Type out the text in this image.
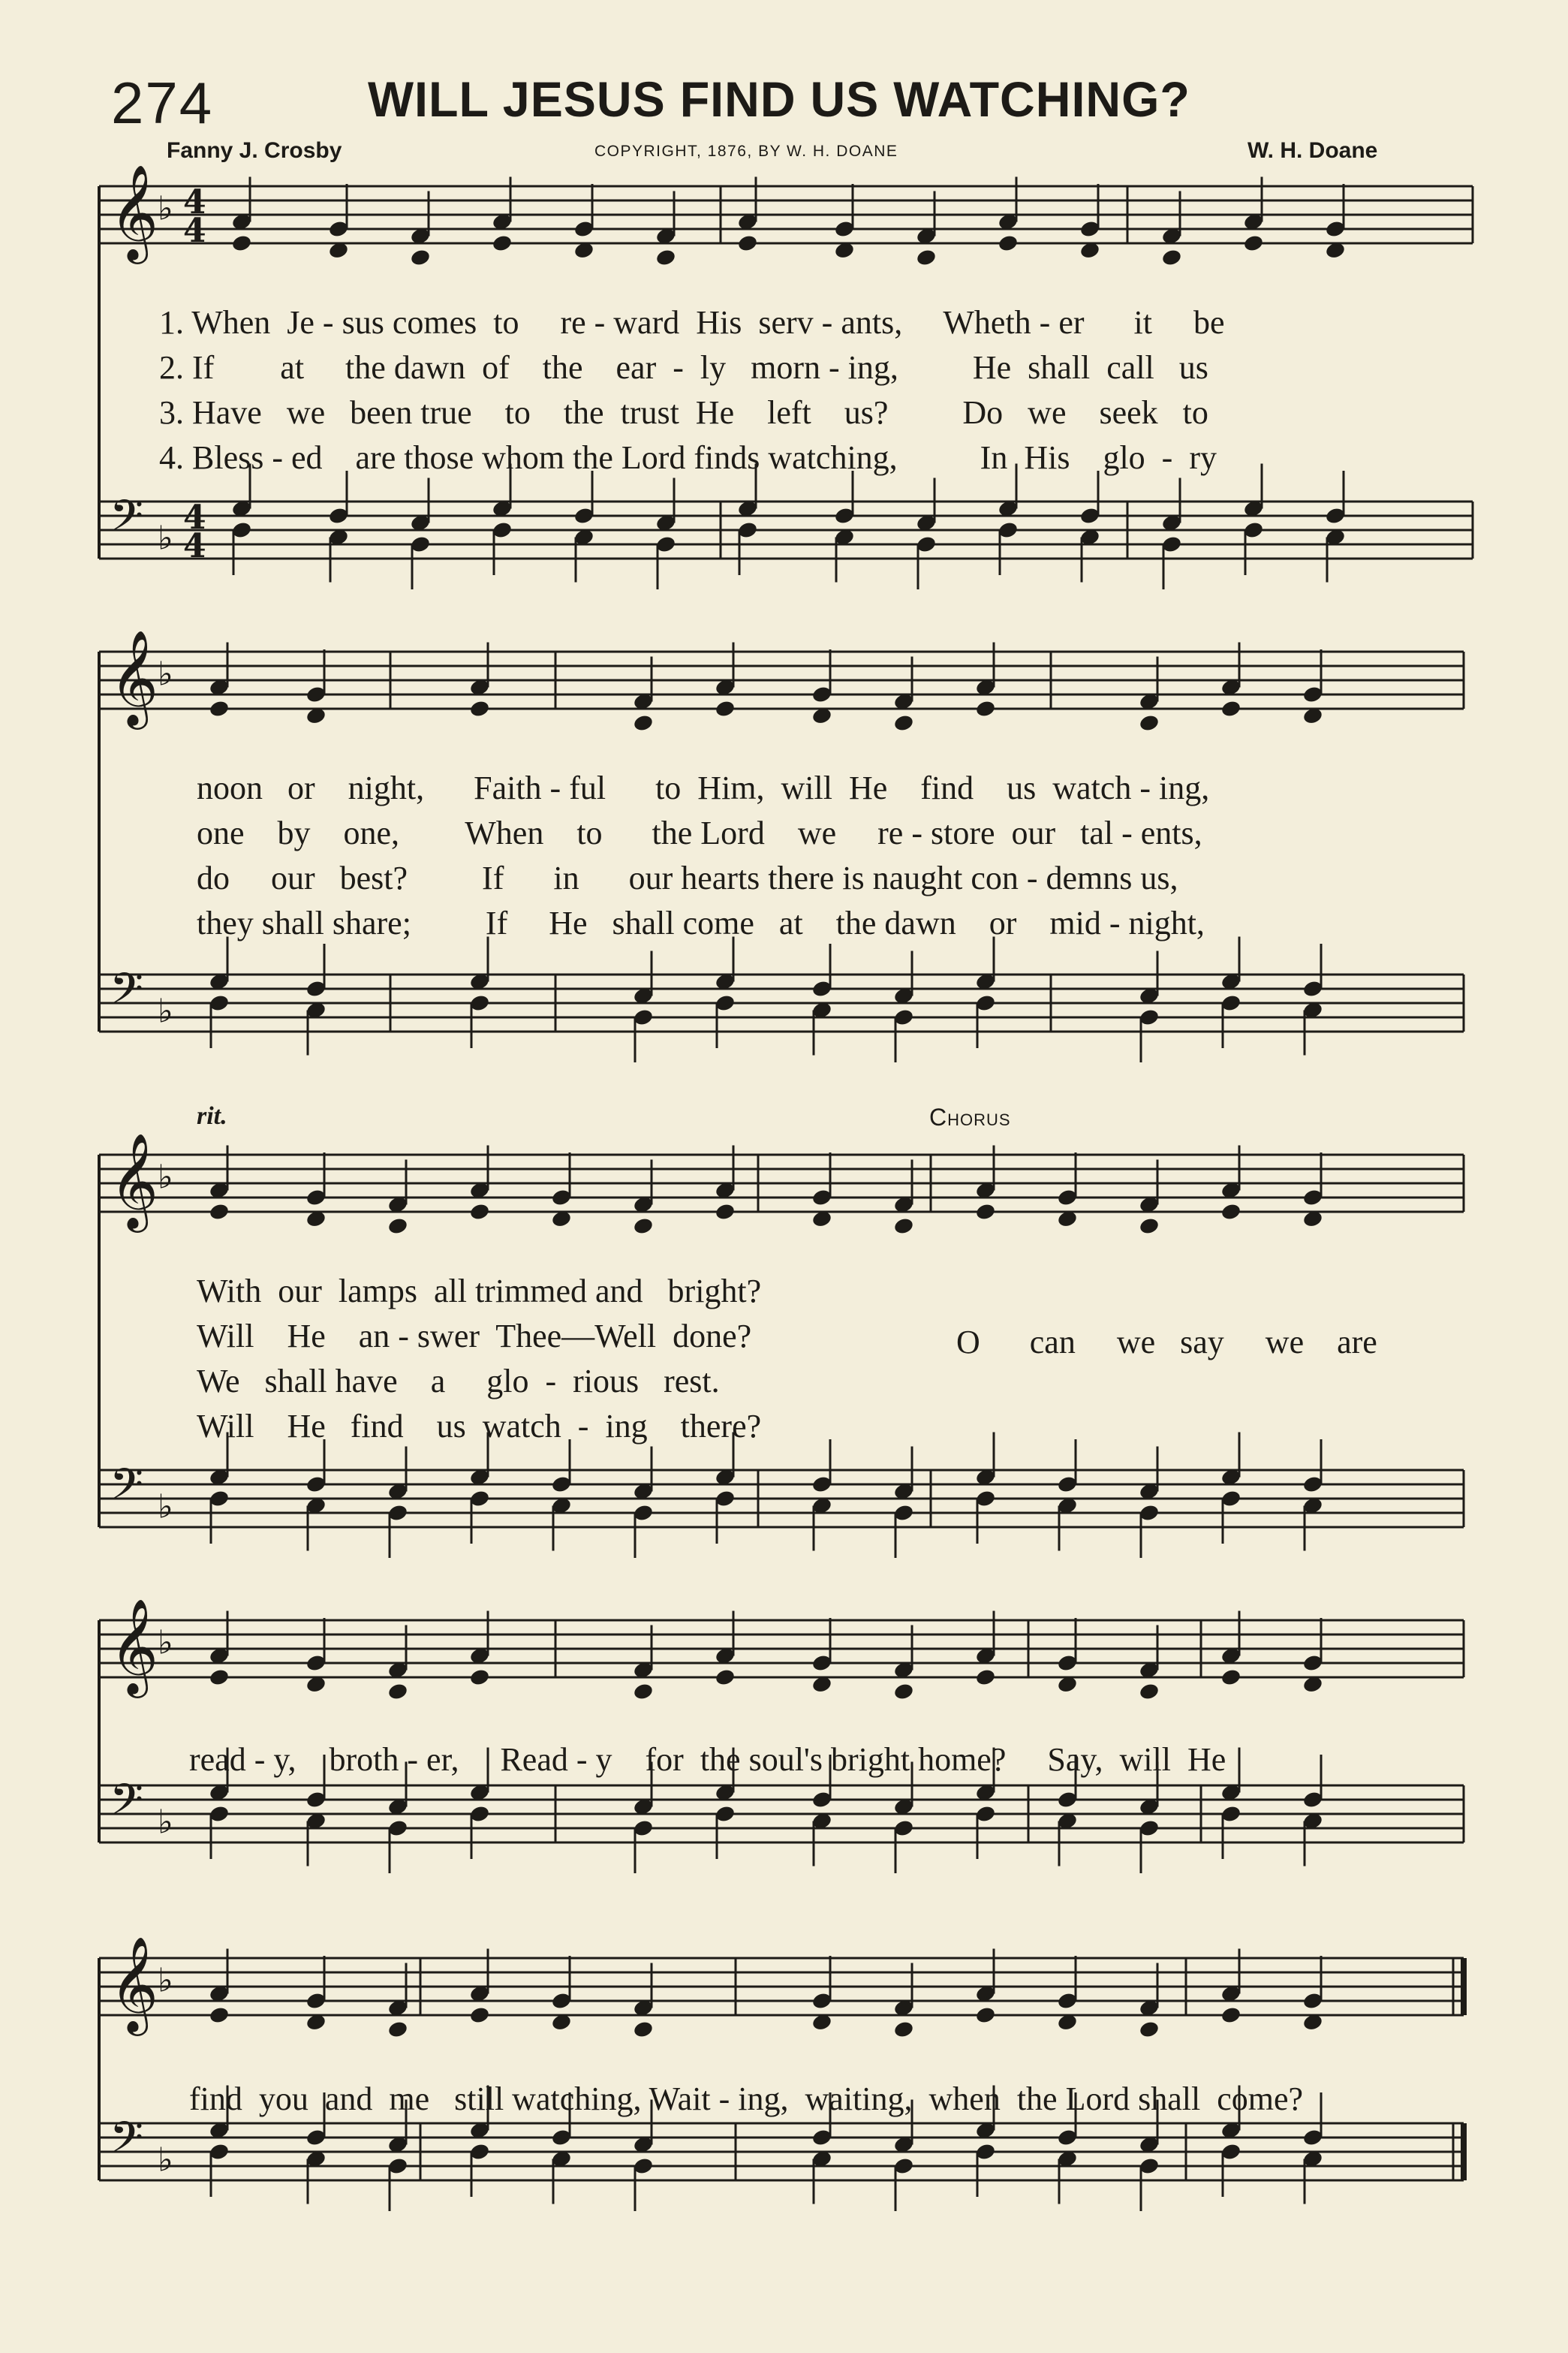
274	WILL JESUS FIND US WATCHING?
Fanny J. Crosby	COPYRIGHT, 1876, BY W. H. DOANE	W. H. Doane
𝄞
♭ 4
4
𝄢 ♭
4
4
𝄞
♭
𝄢 ♭
𝄞
♭
𝄢 ♭
𝄞
♭
𝄢 ♭
𝄞
♭
𝄢 ♭
1. When  Je - sus comes  to     re - ward  His  serv - ants,     Wheth - er      it     be
2. If        at     the dawn  of    the    ear  -  ly   morn - ing,         He  shall  call   us
3. Have   we   been true    to    the  trust  He    left    us?         Do   we    seek   to
4. Bless - ed    are those whom the Lord finds watching,          In  His    glo  -  ry
noon   or    night,      Faith - ful      to  Him,  will  He    find    us  watch - ing,
one    by    one,        When    to      the Lord    we     re - store  our   tal - ents,
do     our   best?         If      in      our hearts there is naught con - demns us,
they shall share;         If     He   shall come   at    the dawn    or    mid - night,
rit.	Chorus
With  our  lamps  all trimmed and   bright?
Will    He    an - swer  Thee—Well  done?
We   shall have    a     glo  -  rious   rest.
Will    He   find    us  watch  -  ing    there?
O      can     we   say     we    are
read - y,    broth - er,     Read - y    for  the soul's bright home?     Say,  will  He
find  you  and  me   still watching, Wait - ing,  waiting,  when  the Lord shall  come?
